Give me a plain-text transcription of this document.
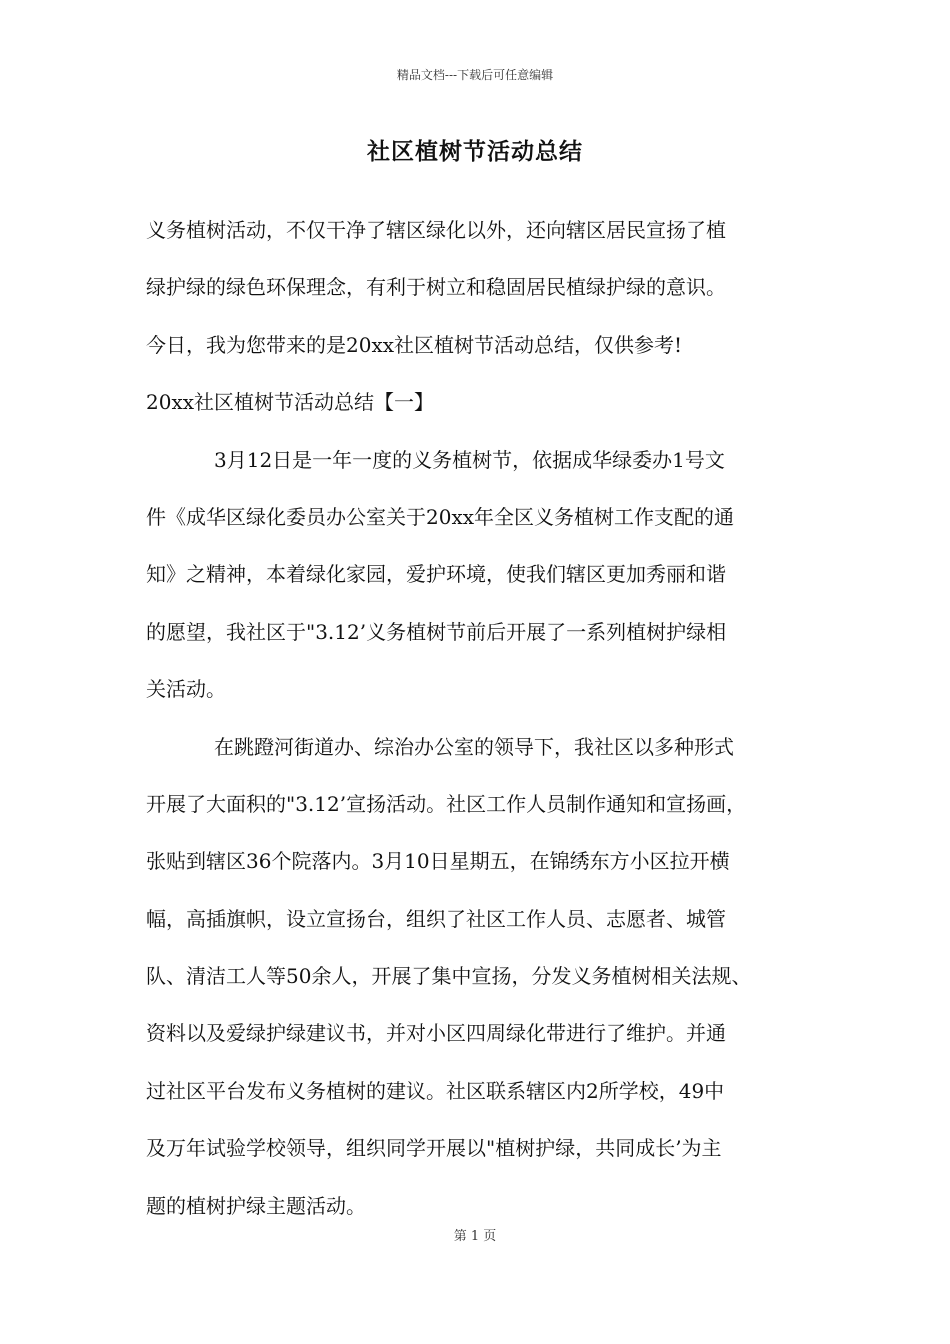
精品文档---下载后可任意编辑
社区植树节活动总结
义务植树活动，不仅干净了辖区绿化以外，还向辖区居民宣扬了植
绿护绿的绿色环保理念，有利于树立和稳固居民植绿护绿的意识。
今日，我为您带来的是20xx社区植树节活动总结，仅供参考!
20xx社区植树节活动总结【一】
3月12日是一年一度的义务植树节，依据成华绿委办1号文
件《成华区绿化委员办公室关于20xx年全区义务植树工作支配的通
知》之精神，本着绿化家园，爱护环境，使我们辖区更加秀丽和谐
的愿望，我社区于"3.12’义务植树节前后开展了一系列植树护绿相
关活动。
在跳蹬河街道办、综治办公室的领导下，我社区以多种形式
开展了大面积的"3.12’宣扬活动。社区工作人员制作通知和宣扬画，
张贴到辖区36个院落内。3月10日星期五，在锦绣东方小区拉开横
幅，高插旗帜，设立宣扬台，组织了社区工作人员、志愿者、城管
队、清洁工人等50余人，开展了集中宣扬，分发义务植树相关法规、
资料以及爱绿护绿建议书，并对小区四周绿化带进行了维护。并通
过社区平台发布义务植树的建议。社区联系辖区内2所学校，49中
及万年试验学校领导，组织同学开展以"植树护绿，共同成长’为主
题的植树护绿主题活动。
第 1 页
